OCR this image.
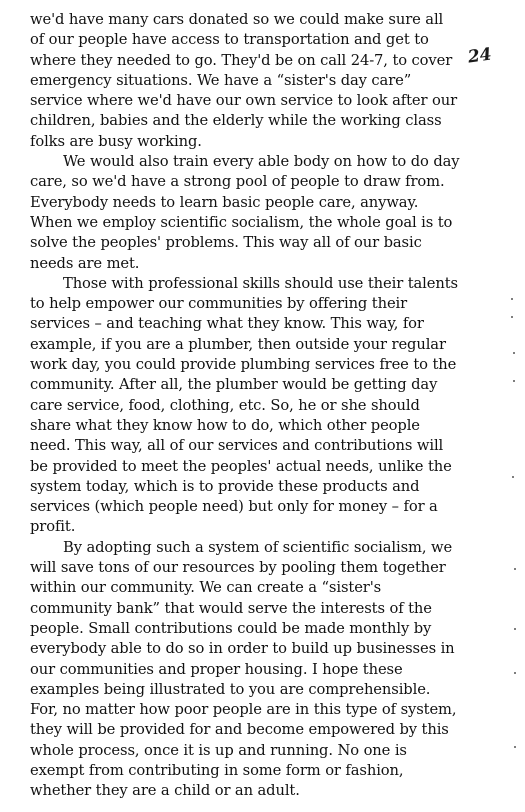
we'd have many cars donated so we could make sure all
of our people have access to transportation and get to
where they needed to go. They'd be on call 24-7, to cover
emergency situations. We have a “sister's day care”
service where we'd have our own service to look after our
children, babies and the elderly while the working class
folks are busy working.
We would also train every able body on how to do day
care, so we'd have a strong pool of people to draw from.
Everybody needs to learn basic people care, anyway.
When we employ scientific socialism, the whole goal is to
solve the peoples' problems. This way all of our basic
needs are met.
Those with professional skills should use their talents
to help empower our communities by offering their
services – and teaching what they know. This way, for
example, if you are a plumber, then outside your regular
work day, you could provide plumbing services free to the
community. After all, the plumber would be getting day
care service, food, clothing, etc. So, he or she should
share what they know how to do, which other people
need. This way, all of our services and contributions will
be provided to meet the peoples' actual needs, unlike the
system today, which is to provide these products and
services (which people need) but only for money – for a
profit.
By adopting such a system of scientific socialism, we
will save tons of our resources by pooling them together
within our community. We can create a “sister's
community bank” that would serve the interests of the
people. Small contributions could be made monthly by
everybody able to do so in order to build up businesses in
our communities and proper housing. I hope these
examples being illustrated to you are comprehensible.
For, no matter how poor people are in this type of system,
they will be provided for and become empowered by this
whole process, once it is up and running. No one is
exempt from contributing in some form or fashion,
whether they are a child or an adult.
24
